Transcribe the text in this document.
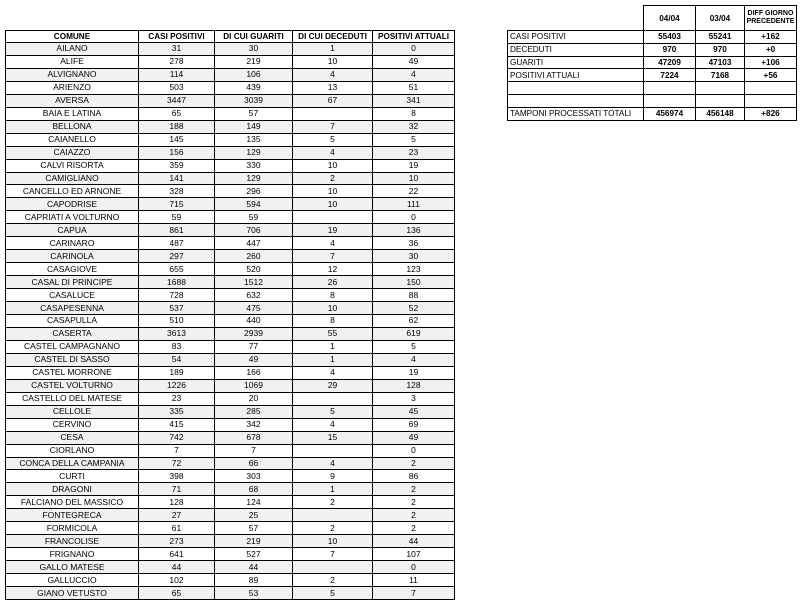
COMUNE	CASI POSITIVI	DI CUI GUARITI	DI CUI DECEDUTI	POSITIVI ATTUALI
AILANO	31	30	1	0
ALIFE	278	219	10	49
ALVIGNANO	114	106	4	4
ARIENZO	503	439	13	51
AVERSA	3447	3039	67	341
BAIA E LATINA	65	57		8
BELLONA	188	149	7	32
CAIANELLO	145	135	5	5
CAIAZZO	156	129	4	23
CALVI RISORTA	359	330	10	19
CAMIGLIANO	141	129	2	10
CANCELLO ED ARNONE	328	296	10	22
CAPODRISE	715	594	10	111
CAPRIATI A VOLTURNO	59	59		0
CAPUA	861	706	19	136
CARINARO	487	447	4	36
CARINOLA	297	260	7	30
CASAGIOVE	655	520	12	123
CASAL DI PRINCIPE	1688	1512	26	150
CASALUCE	728	632	8	88
CASAPESENNA	537	475	10	52
CASAPULLA	510	440	8	62
CASERTA	3613	2939	55	619
CASTEL CAMPAGNANO	83	77	1	5
CASTEL DI SASSO	54	49	1	4
CASTEL MORRONE	189	166	4	19
CASTEL VOLTURNO	1226	1069	29	128
CASTELLO DEL MATESE	23	20		3
CELLOLE	335	285	5	45
CERVINO	415	342	4	69
CESA	742	678	15	49
CIORLANO	7	7		0
CONCA DELLA CAMPANIA	72	66	4	2
CURTI	398	303	9	86
DRAGONI	71	68	1	2
FALCIANO DEL MASSICO	128	124	2	2
FONTEGRECA	27	25		2
FORMICOLA	61	57	2	2
FRANCOLISE	273	219	10	44
FRIGNANO	641	527	7	107
GALLO MATESE	44	44		0
GALLUCCIO	102	89	2	11
GIANO VETUSTO	65	53	5	7
	04/04	03/04	DIFF GIORNO PRECEDENTE
CASI POSITIVI	55403	55241	+162
DECEDUTI	970	970	+0
GUARITI	47209	47103	+106
POSITIVI ATTUALI	7224	7168	+56

TAMPONI PROCESSATI TOTALI	456974	456148	+826
